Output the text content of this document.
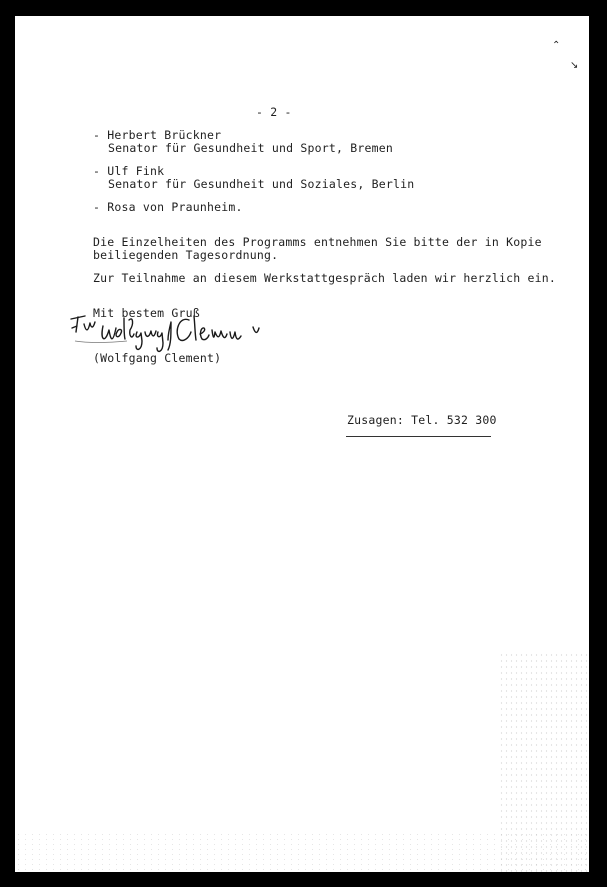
⌃
↘
- 2 -
- Herbert Brückner
Senator für Gesundheit und Sport, Bremen
- Ulf Fink
Senator für Gesundheit und Soziales, Berlin
- Rosa von Praunheim.
Die Einzelheiten des Programms entnehmen Sie bitte der in Kopie
beiliegenden Tagesordnung.
Zur Teilnahme an diesem Werkstattgespräch laden wir herzlich ein.
Mit bestem Gruß
(Wolfgang Clement)
Zusagen: Tel. 532 300
